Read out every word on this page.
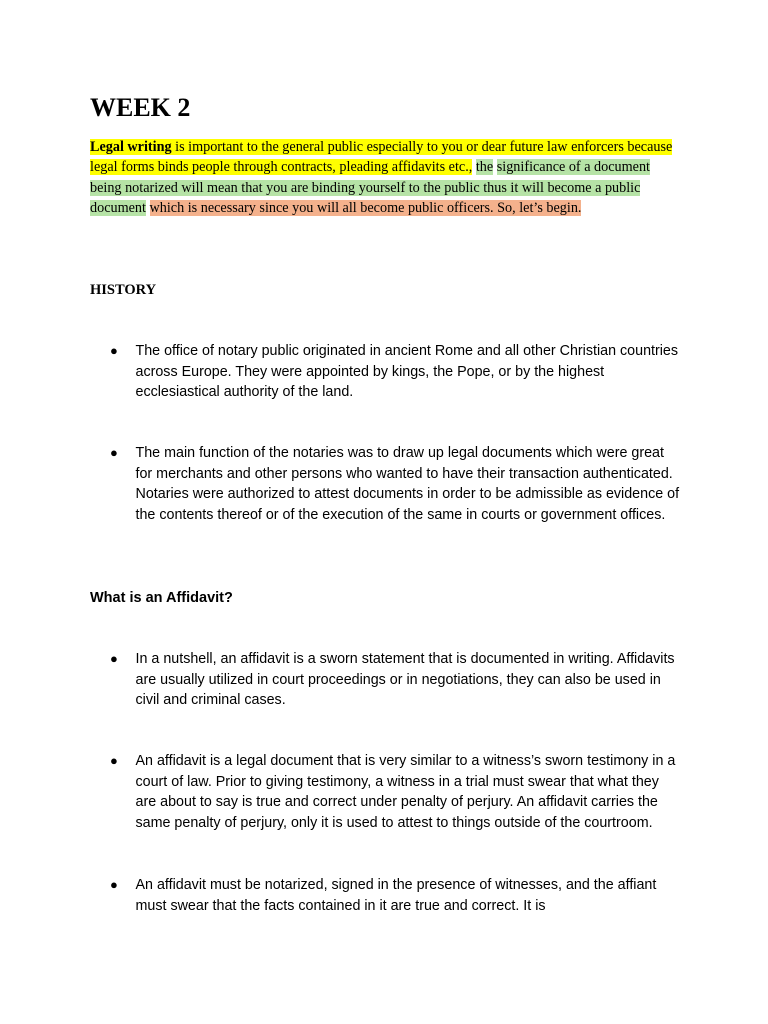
WEEK 2

Legal writing is important to the general public especially to you or dear future law enforcers because legal forms binds people through contracts, pleading affidavits etc., the significance of a document being notarized will mean that you are binding yourself to the public thus it will become a public document which is necessary since you will all become public officers. So, let’s begin.

HISTORY
● The office of notary public originated in ancient Rome and all other Christian countries across Europe. They were appointed by kings, the Pope, or by the highest ecclesiastical authority of the land.
● The main function of the notaries was to draw up legal documents which were great for merchants and other persons who wanted to have their transaction authenticated. Notaries were authorized to attest documents in order to be admissible as evidence of the contents thereof or of the execution of the same in courts or government offices.
What is an Affidavit?
● In a nutshell, an affidavit is a sworn statement that is documented in writing. Affidavits are usually utilized in court proceedings or in negotiations, they can also be used in civil and criminal cases.
● An affidavit is a legal document that is very similar to a witness’s sworn testimony in a court of law. Prior to giving testimony, a witness in a trial must swear that what they are about to say is true and correct under penalty of perjury. An affidavit carries the same penalty of perjury, only it is used to attest to things outside of the courtroom.
● An affidavit must be notarized, signed in the presence of witnesses, and the affiant must swear that the facts contained in it are true and correct. It is
